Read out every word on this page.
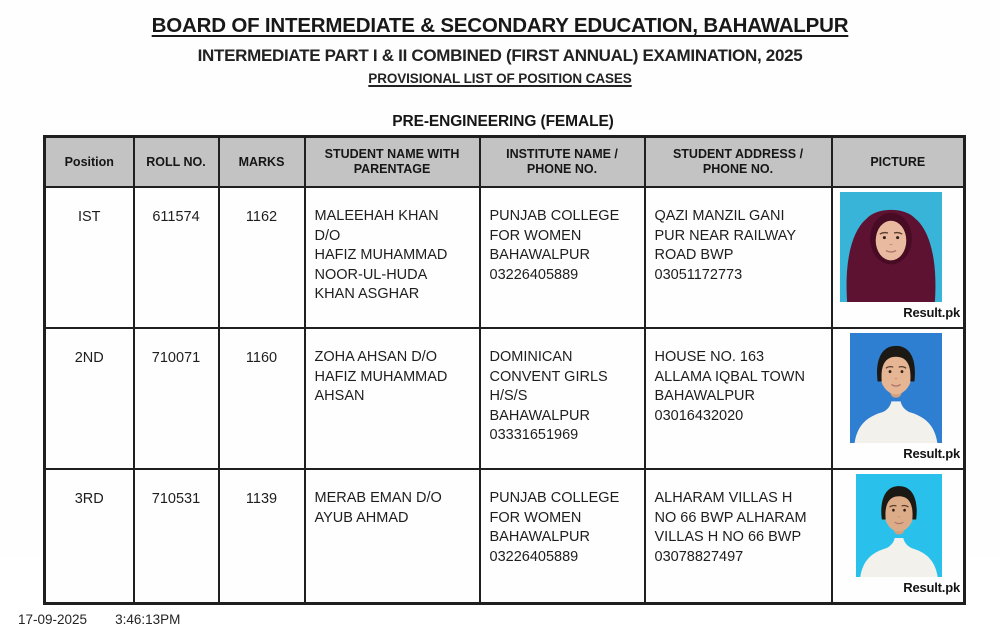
BOARD OF INTERMEDIATE & SECONDARY EDUCATION, BAHAWALPUR
INTERMEDIATE PART I & II COMBINED (FIRST ANNUAL) EXAMINATION, 2025
PROVISIONAL LIST OF POSITION CASES
PRE-ENGINEERING (FEMALE)
Position	ROLL NO.	MARKS	STUDENT NAME WITH PARENTAGE	INSTITUTE NAME /
PHONE NO.	STUDENT ADDRESS /
PHONE NO.	PICTURE
IST	611574	1162	MALEEHAH KHAN
D/O
HAFIZ MUHAMMAD
NOOR-UL-HUDA
KHAN ASGHAR	PUNJAB COLLEGE
FOR WOMEN
BAHAWALPUR
03226405889	QAZI MANZIL GANI
PUR NEAR RAILWAY
ROAD BWP
03051172773	Result.pk

2ND	710071	1160	ZOHA AHSAN D/O
HAFIZ MUHAMMAD
AHSAN	DOMINICAN
CONVENT GIRLS
H/S/S
BAHAWALPUR
03331651969	HOUSE NO. 163
ALLAMA IQBAL TOWN
BAHAWALPUR
03016432020	Result.pk

3RD	710531	1139	MERAB EMAN D/O
AYUB AHMAD	PUNJAB COLLEGE
FOR WOMEN
BAHAWALPUR
03226405889	ALHARAM VILLAS H
NO 66 BWP ALHARAM
VILLAS H NO 66 BWP
03078827497	Result.pk
17-09-2025 3:46:13PM
